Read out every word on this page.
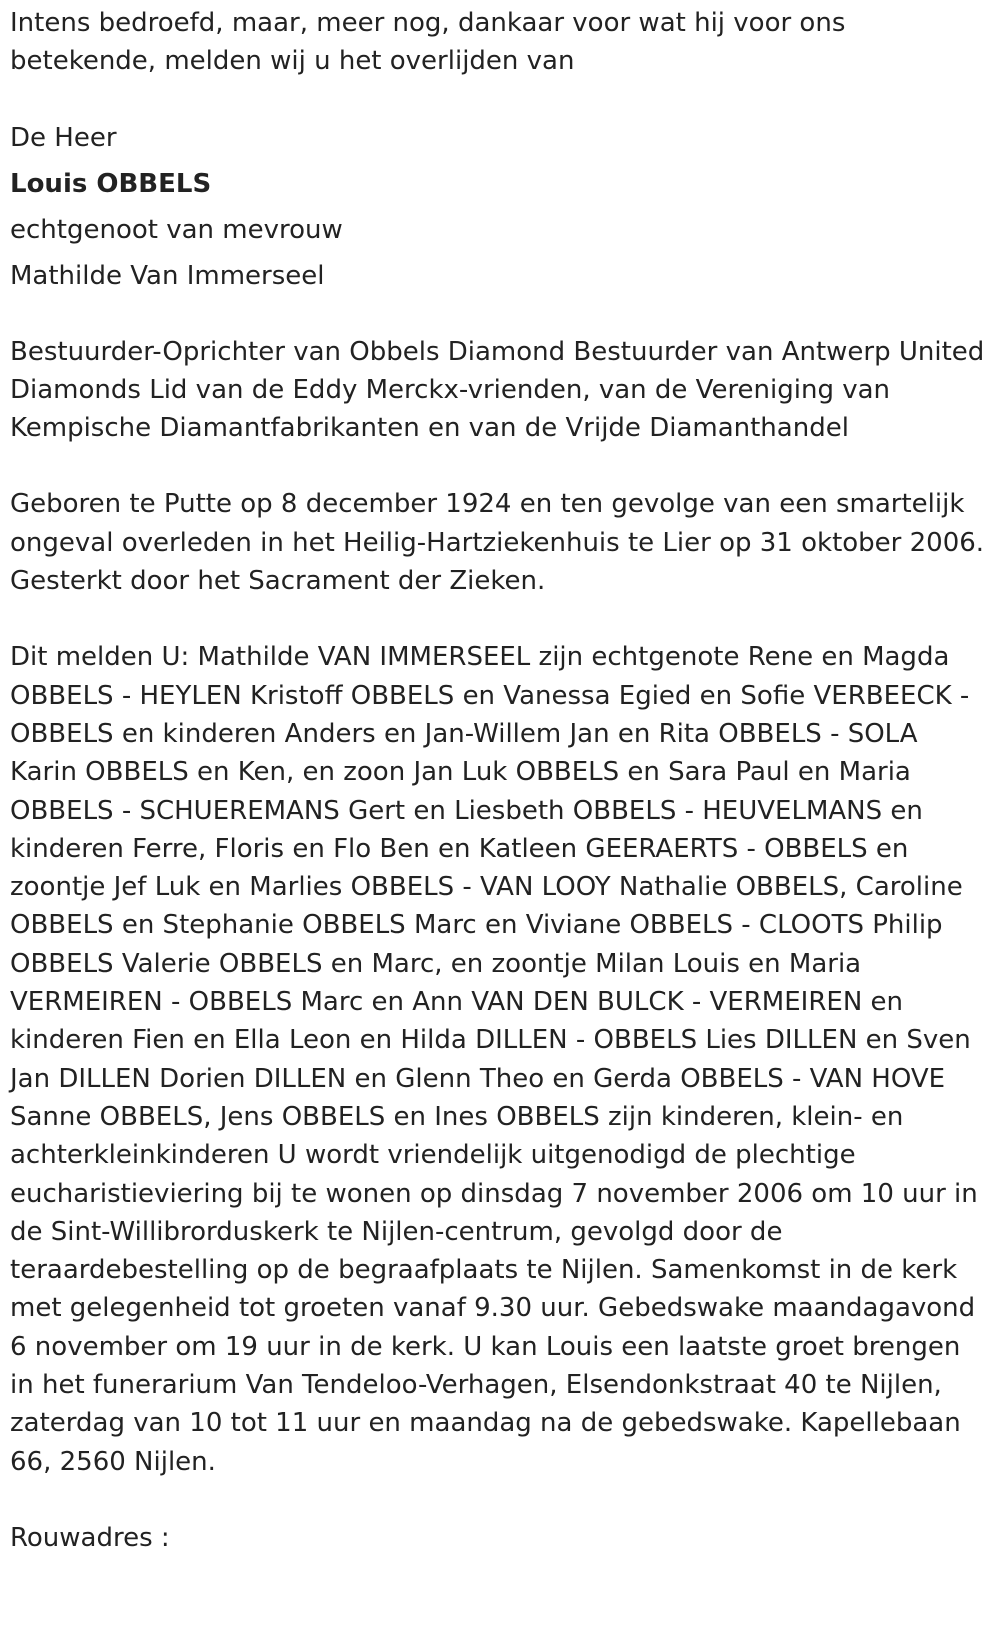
Intens bedroefd, maar, meer nog, dankaar voor wat hij voor ons betekende, melden wij u het overlijden van

De Heer

Louis OBBELS

echtgenoot van mevrouw

Mathilde Van Immerseel

Bestuurder-Oprichter van Obbels Diamond Bestuurder van Antwerp United Diamonds Lid van de Eddy Merckx-vrienden, van de Vereniging van Kempische Diamantfabrikanten en van de Vrijde Diamanthandel

Geboren te Putte op 8 december 1924 en ten gevolge van een smartelijk ongeval overleden in het Heilig-Hartziekenhuis te Lier op 31 oktober 2006. Gesterkt door het Sacrament der Zieken.

Dit melden U: Mathilde VAN IMMERSEEL zijn echtgenote Rene en Magda OBBELS - HEYLEN Kristoff OBBELS en Vanessa Egied en Sofie VERBEECK - OBBELS en kinderen Anders en Jan-Willem Jan en Rita OBBELS - SOLA Karin OBBELS en Ken, en zoon Jan Luk OBBELS en Sara Paul en Maria OBBELS - SCHUEREMANS Gert en Liesbeth OBBELS - HEUVELMANS en kinderen Ferre, Floris en Flo Ben en Katleen GEERAERTS - OBBELS en zoontje Jef Luk en Marlies OBBELS - VAN LOOY Nathalie OBBELS, Caroline OBBELS en Stephanie OBBELS Marc en Viviane OBBELS - CLOOTS Philip OBBELS Valerie OBBELS en Marc, en zoontje Milan Louis en Maria VERMEIREN - OBBELS Marc en Ann VAN DEN BULCK - VERMEIREN en kinderen Fien en Ella Leon en Hilda DILLEN - OBBELS Lies DILLEN en Sven Jan DILLEN Dorien DILLEN en Glenn Theo en Gerda OBBELS - VAN HOVE Sanne OBBELS, Jens OBBELS en Ines OBBELS zijn kinderen, klein- en achterkleinkinderen U wordt vriendelijk uitgenodigd de plechtige eucharistieviering bij te wonen op dinsdag 7 november 2006 om 10 uur in de Sint-Willibrorduskerk te Nijlen-centrum, gevolgd door de teraardebestelling op de begraafplaats te Nijlen. Samenkomst in de kerk met gelegenheid tot groeten vanaf 9.30 uur. Gebedswake maandagavond 6 november om 19 uur in de kerk. U kan Louis een laatste groet brengen in het funerarium Van Tendeloo-Verhagen, Elsendonkstraat 40 te Nijlen, zaterdag van 10 tot 11 uur en maandag na de gebedswake. Kapellebaan 66, 2560 Nijlen.

Rouwadres :
